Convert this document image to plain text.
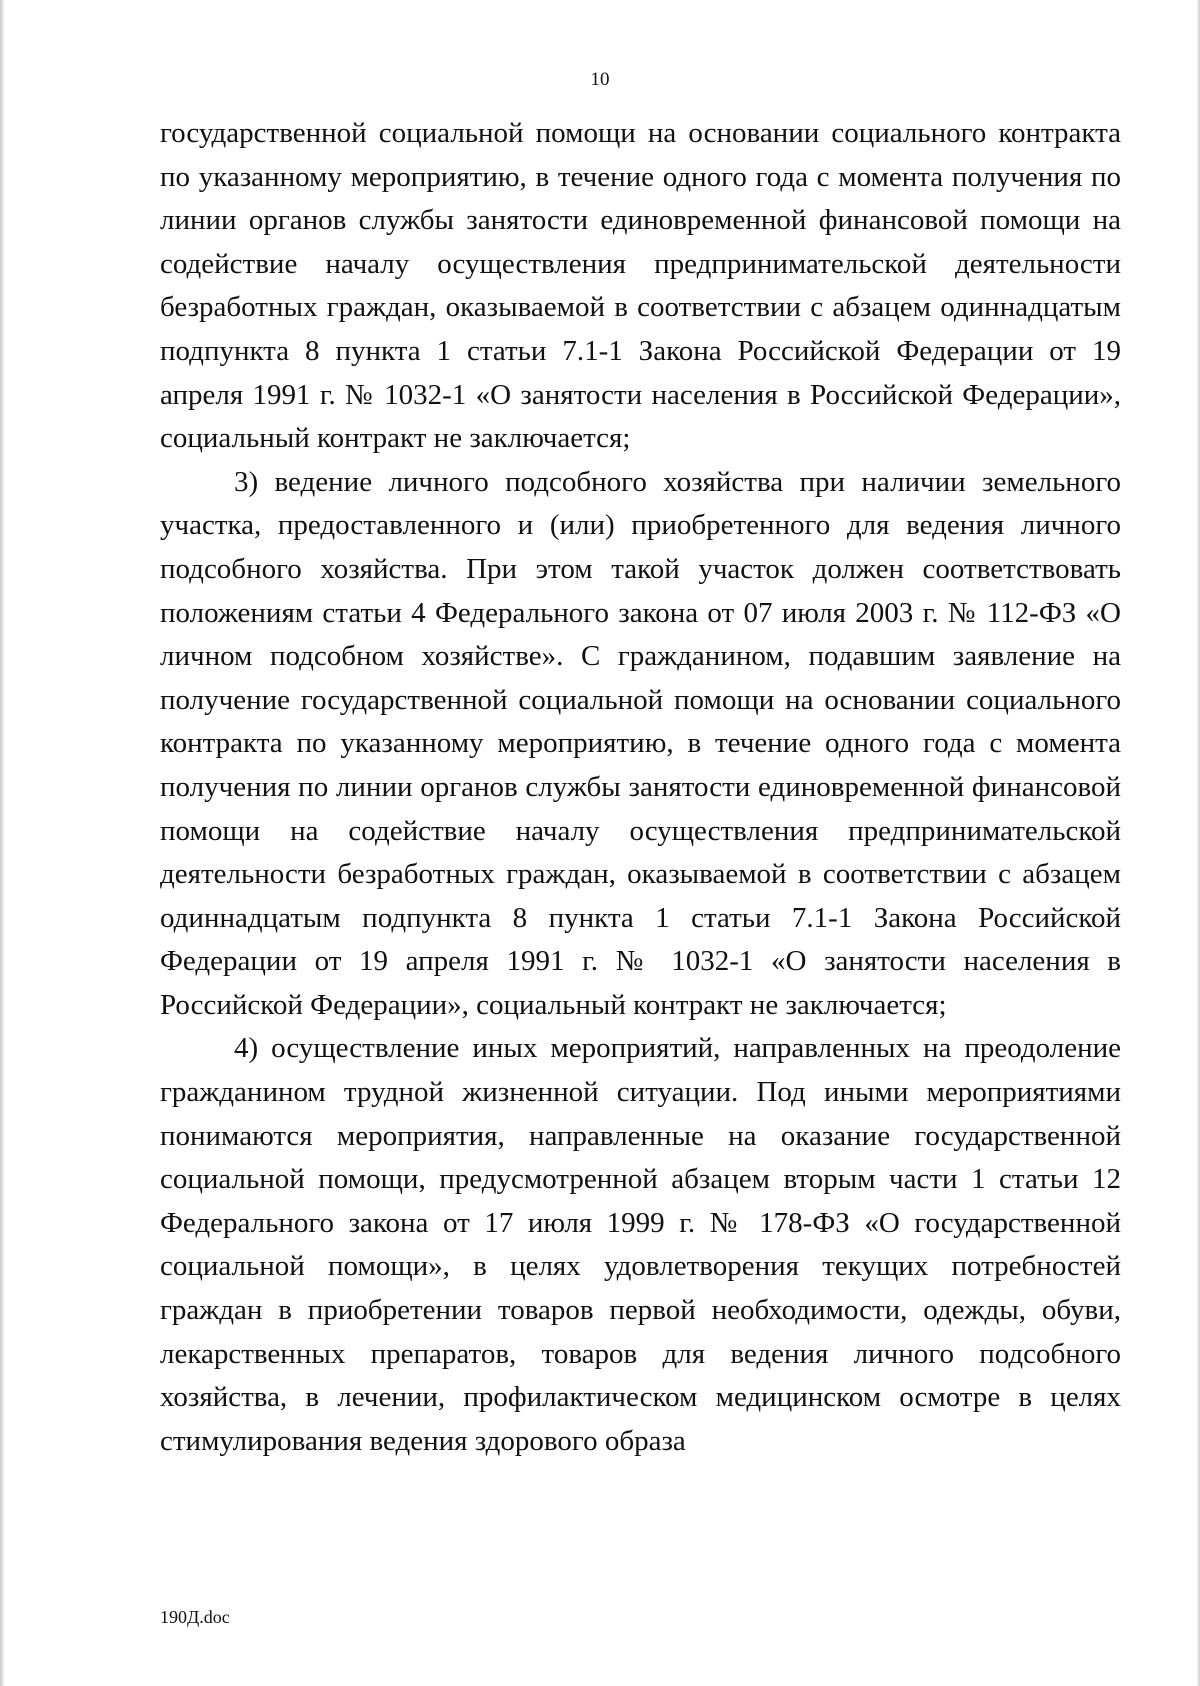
10

государственной социальной помощи на основании социального контракта по указанному мероприятию, в течение одного года с момента получения по линии органов службы занятости единовременной финансовой помощи на содействие началу осуществления предпринимательской деятельности безработных граждан, оказываемой в соответствии с абзацем одиннадцатым подпункта 8 пункта 1 статьи 7.1-1 Закона Российской Федерации от 19 апреля 1991 г. № 1032-1 «О занятости населения в Российской Федерации», социальный контракт не заключается;

3) ведение личного подсобного хозяйства при наличии земельного участка, предоставленного и (или) приобретенного для ведения личного подсобного хозяйства. При этом такой участок должен соответствовать положениям статьи 4 Федерального закона от 07 июля 2003 г. № 112-ФЗ «О личном подсобном хозяйстве». С гражданином, подавшим заявление на получение государственной социальной помощи на основании социального контракта по указанному мероприятию, в течение одного года с момента получения по линии органов службы занятости единовременной финансовой помощи на содействие началу осуществления предпринимательской деятельности безработных граждан, оказываемой в соответствии с абзацем одиннадцатым подпункта 8 пункта 1 статьи 7.1-1 Закона Российской Федерации от 19 апреля 1991 г. № 1032-1 «О занятости населения в Российской Федерации», социальный контракт не заключается;

4) осуществление иных мероприятий, направленных на преодоление гражданином трудной жизненной ситуации. Под иными мероприятиями понимаются мероприятия, направленные на оказание государственной социальной помощи, предусмотренной абзацем вторым части 1 статьи 12 Федерального закона от 17 июля 1999 г. № 178-ФЗ «О государственной социальной помощи», в целях удовлетворения текущих потребностей граждан в приобретении товаров первой необходимости, одежды, обуви, лекарственных препаратов, товаров для ведения личного подсобного хозяйства, в лечении, профилактическом медицинском осмотре в целях стимулирования ведения здорового образа

190Д.doc
